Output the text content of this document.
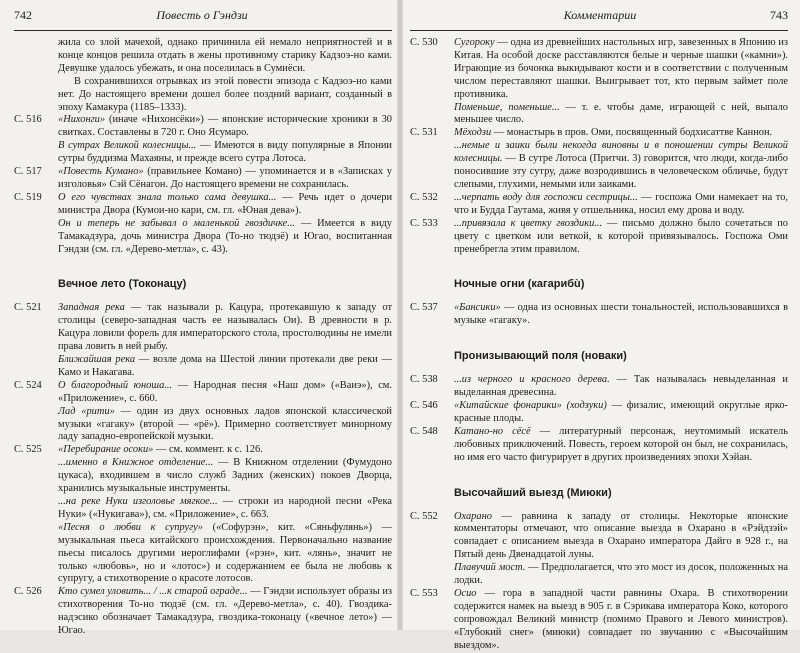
742	Повесть о Гэндзи
жила со злой мачехой, однако причинила ей немало неприятностей и в конце концов решила отдать в жены противному старику Кадзоэ-но ками. Девушке удалось убежать, и она поселилась в Сумиёси.
В сохранившихся отрывках из этой повести эпизода с Кадзоэ-но ками нет. До настоящего времени дошел более поздний вариант, созданный в эпоху Камакура (1185–1333).
С. 516	«Нихонги» (иначе «Нихонсёки») — японские исторические хроники в 30 свитках. Составлены в 720 г. Оно Ясумаро.
В сутрах Великой колесницы... — Имеются в виду популярные в Японии сутры буддизма Махаяны, и прежде всего сутра Лотоса.
С. 517	«Повесть Кумано» (правильнее Комано) — упоминается и в «Записках у изголовья» Сэй Сёнагон. До настоящего времени не сохранилась.
С. 519	О его чувствах знала только сама девушка... — Речь идет о дочери министра Двора (Кумои-но кари, см. гл. «Юная дева»).
Он и теперь не забывал о маленькой гвоздичке... — Имеется в виду Тамакадзура, дочь министра Двора (То-но тюдзё) и Югао, воспитанная Гэндзи (см. гл. «Дерево-метла», с. 43).
Вечное лето (Токонацу)
С. 521	Западная река — так называли р. Кацура, протекавшую к западу от столицы (северо-западная часть ее называлась Ои). В древности в р. Кацура ловили форель для императорского стола, простолюдины не имели права ловить в ней рыбу.
Ближайшая река — возле дома на Шестой линии протекали две реки — Камо и Накагава.
С. 524	О благородный юноша... — Народная песня «Наш дом» («Ваиэ»), см. «Приложение», с. 660.
Лад «рити» — один из двух основных ладов японской классической музыки «гагаку» (второй — «рё»). Примерно соответствует минорному ладу западно-европейской музыки.
С. 525	«Перебирание осоки» — см. коммент. к с. 126.
...именно в Книжное отделение... — В Книжном отделении (Фумудоно цукаса), входившем в число служб Задних (женских) покоев Дворца, хранились музыкальные инструменты.
...на реке Нуки изголовье мягкое... — строки из народной песни «Река Нуки» («Нукигава»), см. «Приложение», с. 663.
«Песня о любви к супругу» («Софурэн», кит. «Сяньфулянь») — музыкальная пьеса китайского происхождения. Первоначально название пьесы писалось другими иероглифами («рэн», кит. «лянь», значит не только «любовь», но и «лотос») и содержанием ее была не любовь к супругу, а стихотворение о красоте лотосов.
С. 526	Кто сумел уловить... / ...к старой ограде... — Гэндзи использует образы из стихотворения То-но тюдзё (см. гл. «Дерево-метла», с. 40). Гвоздика-надэсико обозначает Тамакадзура, гвоздика-токонацу («вечное лето») — Югао.
Комментарии	743
С. 530	Сугороку — одна из древнейших настольных игр, завезенных в Японию из Китая. На особой доске расставляются белые и черные шашки («камни»). Играющие из бочонка выкидывают кости и в соответствии с полученным числом переставляют шашки. Выигрывает тот, кто первым займет поле противника.
Поменьше, поменьше... — т. е. чтобы даме, играющей с ней, выпало меньшее число.
С. 531	Мёходзи — монастырь в пров. Оми, посвященный бодхисаттве Каннон.
...немые и заики были некогда виновны и в поношении сутры Великой колесницы. — В сутре Лотоса (Притчи. 3) говорится, что люди, когда-либо поносившие эту сутру, даже возродившись в человеческом обличье, будут слепыми, глухими, немыми или заиками.
С. 532	...черпать воду для госпожи сестрицы... — госпожа Оми намекает на то, что и Будда Гаутама, живя у отшельника, носил ему дрова и воду.
С. 533	...привязала к цветку гвоздики... — письмо должно было сочетаться по цвету с цветком или веткой, к которой привязывалось. Госпожа Оми пренебрегла этим правилом.
Ночные огни (кагарибù)
С. 537	«Бансики» — одна из основных шести тональностей, использовавшихся в музыке «гагаку».
Пронизывающий поля (новаки)
С. 538	...из черного и красного дерева. — Так называлась невыделанная и выделанная древесина.
С. 546	«Китайские фонарики» (ходзуки) — физалис, имеющий округлые ярко-красные плоды.
С. 548	Катано-но сёсё — литературный персонаж, неутомимый искатель любовных приключений. Повесть, героем которой он был, не сохранилась, но имя его часто фигурирует в других произведениях эпохи Хэйан.
Высочайший выезд (Миюки)
С. 552	Охарано — равнина к западу от столицы. Некоторые японские комментаторы отмечают, что описание выезда в Охарано в «Рэйдзэй» совпадает с описанием выезда в Охарано императора Дайго в 928 г., на Пятый день Двенадцатой луны.
Плавучий мост. — Предполагается, что это мост из досок, положенных на лодки.
С. 553	Осио — гора в западной части равнины Охара. В стихотворении содержится намек на выезд в 905 г. в Сэрикава императора Коко, которого сопровождал Великий министр (помимо Правого и Левого министров). «Глубокий снег» (миюки) совпадает по звучанию с «Высочайшим выездом».
